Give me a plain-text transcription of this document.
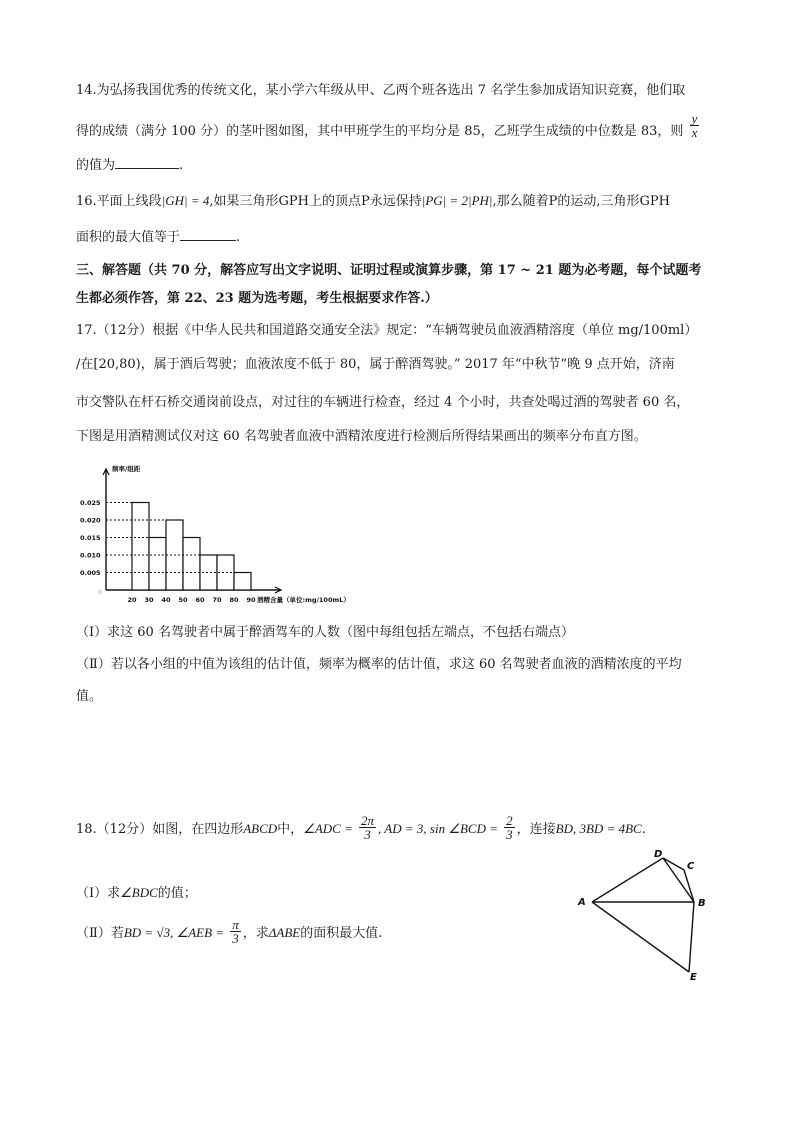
14.为弘扬我国优秀的传统文化，某小学六年级从甲、乙两个班各选出 7 名学生参加成语知识竞赛，他们取
得的成绩（满分 100 分）的茎叶图如图，其中甲班学生的平均分是 85，乙班学生成绩的中位数是 83，则 $\frac{y}{x}$
的值为	.
16.平面上线段|GH| = 4,如果三角形GPH上的顶点P永远保持|PG| = 2|PH|,那么随着P的运动,三角形GPH
面积的最大值等于	.
三、解答题（共 70 分，解答应写出文字说明、证明过程或演算步骤，第 17 ~ 21 题为必考题，每个试题考
生都必须作答，第 22、23 题为选考题，考生根据要求作答.）
17.（12分）根据《中华人民共和国道路交通安全法》规定：“车辆驾驶员血液酒精溶度（单位 mg/100ml）
/在[20,80)，属于酒后驾驶；血液浓度不低于 80，属于醉酒驾驶。” 2017 年“中秋节”晚 9 点开始，济南
市交警队在杆石桥交通岗前设点，对过往的车辆进行检查，经过 4 个小时，共查处喝过酒的驾驶者 60 名，
下图是用酒精测试仪对这 60 名驾驶者血液中酒精浓度进行检测后所得结果画出的频率分布直方图。
频率/组距
酒精含量（单位:mg/100mL）
0
0.005
0.010
0.015
0.020
0.025
20 30 40 50 60 70 80 90
（Ⅰ）求这 60 名驾驶者中属于醉酒驾车的人数（图中每组包括左端点，不包括右端点）
（Ⅱ）若以各小组的中值为该组的估计值，频率为概率的估计值，求这 60 名驾驶者血液的酒精浓度的平均
值。
18.（12分）如图，在四边形ABCD中，∠ADC = $\frac{2\pi}{3}$ , AD = 3, sin ∠BCD = $\frac{2}{3}$ ，连接BD, 3BD = 4BC.
（Ⅰ）求∠BDC的值；
（Ⅱ）若BD = √3, ∠AEB = $\frac{\pi}{3}$ ，求ΔABE的面积最大值.
A	B
C
D
E
